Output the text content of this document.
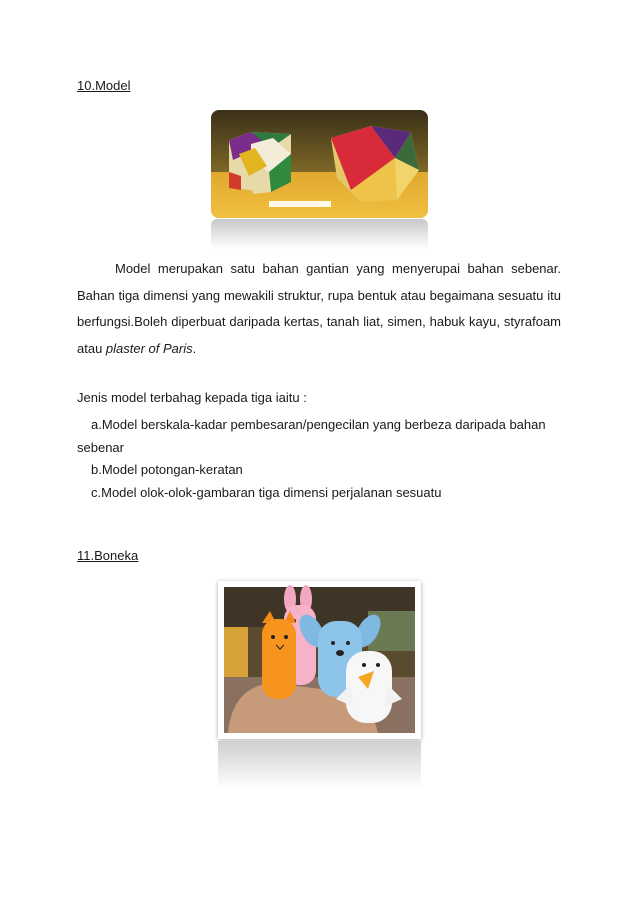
10.Model
Model merupakan satu bahan gantian yang menyerupai bahan sebenar. Bahan tiga dimensi yang mewakili struktur, rupa bentuk atau begaimana sesuatu itu berfungsi.Boleh diperbuat daripada kertas, tanah liat, simen, habuk kayu, styrafoam atau plaster of Paris.
Jenis model terbahag kepada tiga iaitu :
a.Model berskala-kadar pembesaran/pengecilan yang berbeza daripada bahan
sebenar
b.Model potongan-keratan
c.Model olok-olok-gambaran tiga dimensi perjalanan sesuatu
11.Boneka
